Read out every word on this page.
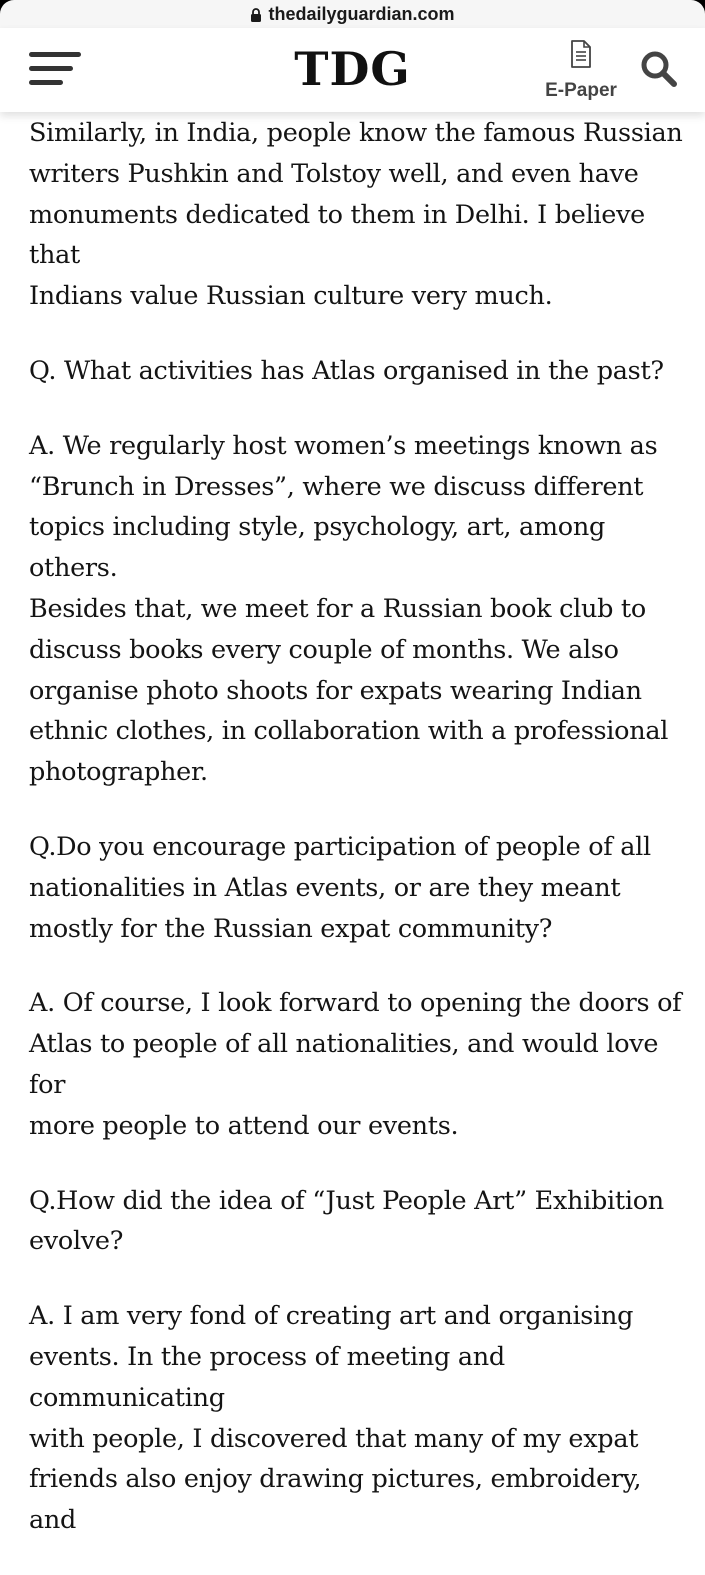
thedailyguardian.com
TDG	E-Paper

Similarly, in India, people know the famous Russian
writers Pushkin and Tolstoy well, and even have
monuments dedicated to them in Delhi. I believe that
Indians value Russian culture very much.

Q. What activities has Atlas organised in the past?

A. We regularly host women’s meetings known as
“Brunch in Dresses”, where we discuss different
topics including style, psychology, art, among others.
Besides that, we meet for a Russian book club to
discuss books every couple of months. We also
organise photo shoots for expats wearing Indian
ethnic clothes, in collaboration with a professional
photographer.

Q.Do you encourage participation of people of all
nationalities in Atlas events, or are they meant
mostly for the Russian expat community?

A. Of course, I look forward to opening the doors of
Atlas to people of all nationalities, and would love for
more people to attend our events.

Q.How did the idea of “Just People Art” Exhibition
evolve?

A. I am very fond of creating art and organising
events. In the process of meeting and communicating
with people, I discovered that many of my expat
friends also enjoy drawing pictures, embroidery, and
